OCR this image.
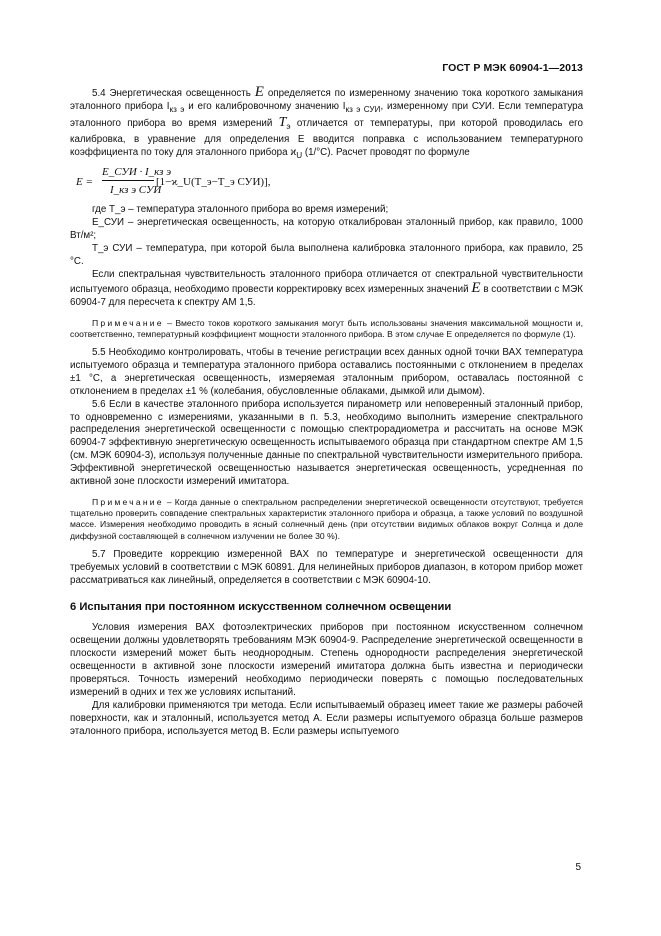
ГОСТ Р МЭК 60904-1—2013

5.4 Энергетическая освещенность E определяется по измеренному значению тока короткого замыкания эталонного прибора $I_{кз э}$ и его калибровочному значению $I_{кз э СУИ}$, измеренному при СУИ. Если температура эталонного прибора во время измерений $T_э$ отличается от температуры, при которой проводилась его калибровка, в уравнение для определения E вводится поправка с использованием температурного коэффициента по току для эталонного прибора $ϰ_U$ (1/°C). Расчет проводят по формуле

E =
E_СУИ · I_кз э
I_кз э СУИ
[1−ϰ_U(T_э−T_э СУИ)],

где T_э – температура эталонного прибора во время измерений;

E_СУИ – энергетическая освещенность, на которую откалиброван эталонный прибор, как правило, 1000 Вт/м²;

T_э СУИ – температура, при которой была выполнена калибровка эталонного прибора, как правило, 25 °C.

Если спектральная чувствительность эталонного прибора отличается от спектральной чувствительности испытуемого образца, необходимо провести корректировку всех измеренных значений E в соответствии с МЭК 60904-7 для пересчета к спектру АМ 1,5.

Примечание – Вместо токов короткого замыкания могут быть использованы значения максимальной мощности и, соответственно, температурный коэффициент мощности эталонного прибора. В этом случае E определяется по формуле (1).

5.5 Необходимо контролировать, чтобы в течение регистрации всех данных одной точки ВАХ температура испытуемого образца и температура эталонного прибора оставались постоянными с отклонением в пределах ±1 °C, а энергетическая освещенность, измеряемая эталонным прибором, оставалась постоянной с отклонением в пределах ±1 % (колебания, обусловленные облаками, дымкой или дымом).

5.6 Если в качестве эталонного прибора используется пиранометр или неповеренный эталонный прибор, то одновременно с измерениями, указанными в п. 5.3, необходимо выполнить измерение спектрального распределения энергетической освещенности с помощью спектрорадиометра и рассчитать на основе МЭК 60904-7 эффективную энергетическую освещенность испытываемого образца при стандартном спектре АМ 1,5 (см. МЭК 60904-3), используя полученные данные по спектральной чувствительности измерительного прибора. Эффективной энергетической освещенностью называется энергетическая освещенность, усредненная по активной зоне плоскости измерений имитатора.

Примечание – Когда данные о спектральном распределении энергетической освещенности отсутствуют, требуется тщательно проверить совпадение спектральных характеристик эталонного прибора и образца, а также условий по воздушной массе. Измерения необходимо проводить в ясный солнечный день (при отсутствии видимых облаков вокруг Солнца и доле диффузной составляющей в солнечном излучении не более 30 %).

5.7 Проведите коррекцию измеренной ВАХ по температуре и энергетической освещенности для требуемых условий в соответствии с МЭК 60891. Для нелинейных приборов диапазон, в котором прибор может рассматриваться как линейный, определяется в соответствии с МЭК 60904-10.

6 Испытания при постоянном искусственном солнечном освещении

Условия измерения ВАХ фотоэлектрических приборов при постоянном искусственном солнечном освещении должны удовлетворять требованиям МЭК 60904-9. Распределение энергетической освещенности в плоскости измерений может быть неоднородным. Степень однородности распределения энергетической освещенности в активной зоне плоскости измерений имитатора должна быть известна и периодически проверяться. Точность измерений необходимо периодически поверять с помощью последовательных измерений в одних и тех же условиях испытаний.

Для калибровки применяются три метода. Если испытываемый образец имеет такие же размеры рабочей поверхности, как и эталонный, используется метод А. Если размеры испытуемого образца больше размеров эталонного прибора, используется метод В. Если размеры испытуемого

5
